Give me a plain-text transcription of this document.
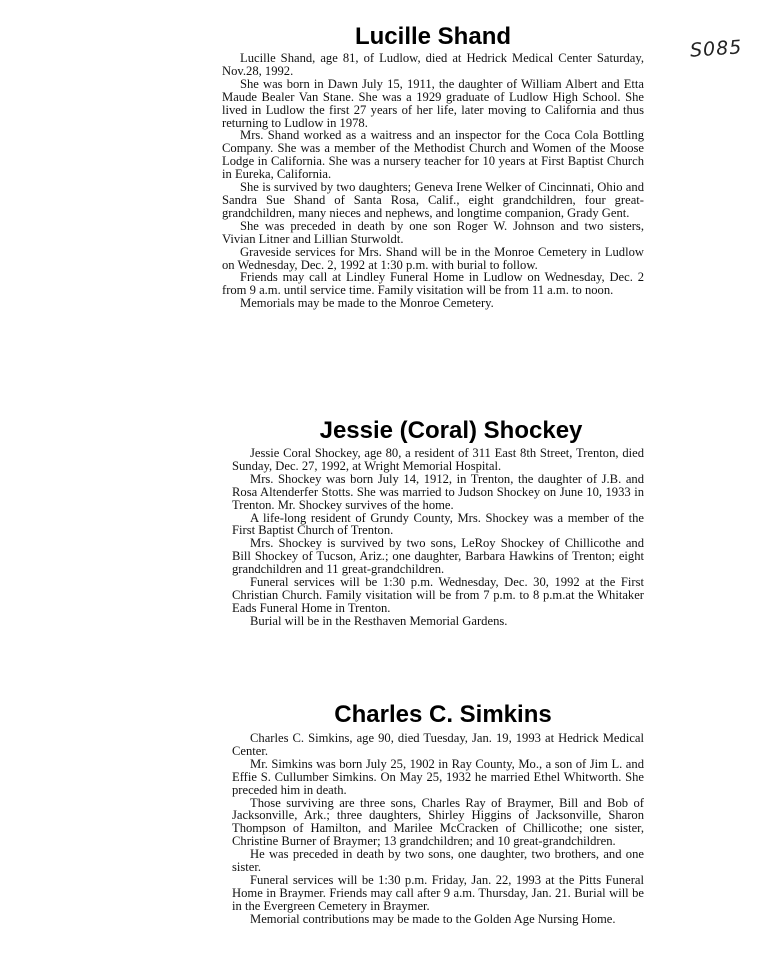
S085
Lucille Shand

Lucille Shand, age 81, of Ludlow, died at Hedrick Medical Center Saturday, Nov.28, 1992.

She was born in Dawn July 15, 1911, the daughter of William Albert and Etta Maude Bealer Van Stane. She was a 1929 graduate of Ludlow High School. She lived in Ludlow the first 27 years of her life, later moving to California and thus returning to Ludlow in 1978.

Mrs. Shand worked as a waitress and an inspector for the Coca Cola Bottling Company. She was a member of the Methodist Church and Women of the Moose Lodge in California. She was a nursery teacher for 10 years at First Baptist Church in Eureka, California.

She is survived by two daughters; Geneva Irene Welker of Cincinnati, Ohio and Sandra Sue Shand of Santa Rosa, Calif., eight grandchildren, four great-grandchildren, many nieces and nephews, and longtime companion, Grady Gent.

She was preceded in death by one son Roger W. Johnson and two sisters, Vivian Litner and Lillian Sturwoldt.

Graveside services for Mrs. Shand will be in the Monroe Cemetery in Ludlow on Wednesday, Dec. 2, 1992 at 1:30 p.m. with burial to follow.

Friends may call at Lindley Funeral Home in Ludlow on Wednesday, Dec. 2 from 9 a.m. until service time. Family visitation will be from 11 a.m. to noon.

Memorials may be made to the Monroe Cemetery.

Jessie (Coral) Shockey

Jessie Coral Shockey, age 80, a resident of 311 East 8th Street, Trenton, died Sunday, Dec. 27, 1992, at Wright Memorial Hospital.

Mrs. Shockey was born July 14, 1912, in Trenton, the daughter of J.B. and Rosa Altenderfer Stotts. She was married to Judson Shockey on June 10, 1933 in Trenton. Mr. Shockey survives of the home.

A life-long resident of Grundy County, Mrs. Shockey was a member of the First Baptist Church of Trenton.

Mrs. Shockey is survived by two sons, LeRoy Shockey of Chillicothe and Bill Shockey of Tucson, Ariz.; one daughter, Barbara Hawkins of Trenton; eight grandchildren and 11 great-grandchildren.

Funeral services will be 1:30 p.m. Wednesday, Dec. 30, 1992 at the First Christian Church. Family visitation will be from 7 p.m. to 8 p.m.at the Whitaker Eads Funeral Home in Trenton.

Burial will be in the Resthaven Memorial Gardens.

Charles C. Simkins

Charles C. Simkins, age 90, died Tuesday, Jan. 19, 1993 at Hedrick Medical Center.

Mr. Simkins was born July 25, 1902 in Ray County, Mo., a son of Jim L. and Effie S. Cullumber Simkins. On May 25, 1932 he married Ethel Whitworth. She preceded him in death.

Those surviving are three sons, Charles Ray of Braymer, Bill and Bob of Jacksonville, Ark.; three daughters, Shirley Higgins of Jacksonville, Sharon Thompson of Hamilton, and Marilee McCracken of Chillicothe; one sister, Christine Burner of Braymer; 13 grandchildren; and 10 great-grandchildren.

He was preceded in death by two sons, one daughter, two brothers, and one sister.

Funeral services will be 1:30 p.m. Friday, Jan. 22, 1993 at the Pitts Funeral Home in Braymer. Friends may call after 9 a.m. Thursday, Jan. 21. Burial will be in the Evergreen Cemetery in Braymer.

Memorial contributions may be made to the Golden Age Nursing Home.
